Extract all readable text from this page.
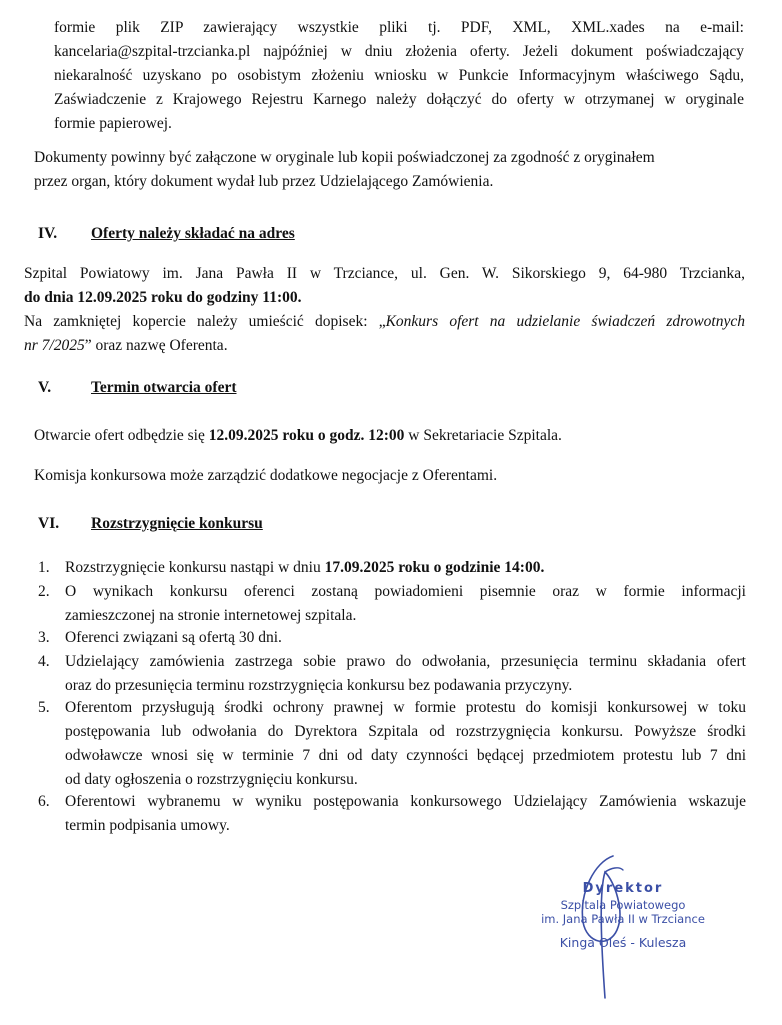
formie plik ZIP zawierający wszystkie pliki tj. PDF, XML, XML.xades na e-mail:
kancelaria@szpital-trzcianka.pl najpóźniej w dniu złożenia oferty. Jeżeli dokument poświadczający
niekaralność uzyskano po osobistym złożeniu wniosku w Punkcie Informacyjnym właściwego Sądu,
Zaświadczenie z Krajowego Rejestru Karnego należy dołączyć do oferty w otrzymanej w oryginale
formie papierowej.
Dokumenty powinny być załączone w oryginale lub kopii poświadczonej za zgodność z oryginałem
przez organ, który dokument wydał lub przez Udzielającego Zamówienia.
IV. Oferty należy składać na adres
Szpital Powiatowy im. Jana Pawła II w Trzciance, ul. Gen. W. Sikorskiego 9, 64-980 Trzcianka,
do dnia 12.09.2025 roku do godziny 11:00.
Na zamkniętej kopercie należy umieścić dopisek: „Konkurs ofert na udzielanie świadczeń zdrowotnych
nr 7/2025” oraz nazwę Oferenta.
V.	Termin otwarcia ofert
Otwarcie ofert odbędzie się 12.09.2025 roku o godz. 12:00 w Sekretariacie Szpitala.
Komisja konkursowa może zarządzić dodatkowe negocjacje z Oferentami.
VI. Rozstrzygnięcie konkursu
1. Rozstrzygnięcie konkursu nastąpi w dniu 17.09.2025 roku o godzinie 14:00.
2. O wynikach konkursu oferenci zostaną powiadomieni pisemnie oraz w formie informacji
zamieszczonej na stronie internetowej szpitala.
3. Oferenci związani są ofertą 30 dni.
4. Udzielający zamówienia zastrzega sobie prawo do odwołania, przesunięcia terminu składania ofert
oraz do przesunięcia terminu rozstrzygnięcia konkursu bez podawania przyczyny.
5. Oferentom przysługują środki ochrony prawnej w formie protestu do komisji konkursowej w toku
postępowania lub odwołania do Dyrektora Szpitala od rozstrzygnięcia konkursu. Powyższe środki
odwoławcze wnosi się w terminie 7 dni od daty czynności będącej przedmiotem protestu lub 7 dni
od daty ogłoszenia o rozstrzygnięciu konkursu.
6. Oferentowi wybranemu w wyniku postępowania konkursowego Udzielający Zamówienia wskazuje
termin podpisania umowy.
Dyrektor
Szpitala Powiatowego
im. Jana Pawła II w Trzciance
Kinga Oleś - Kulesza
